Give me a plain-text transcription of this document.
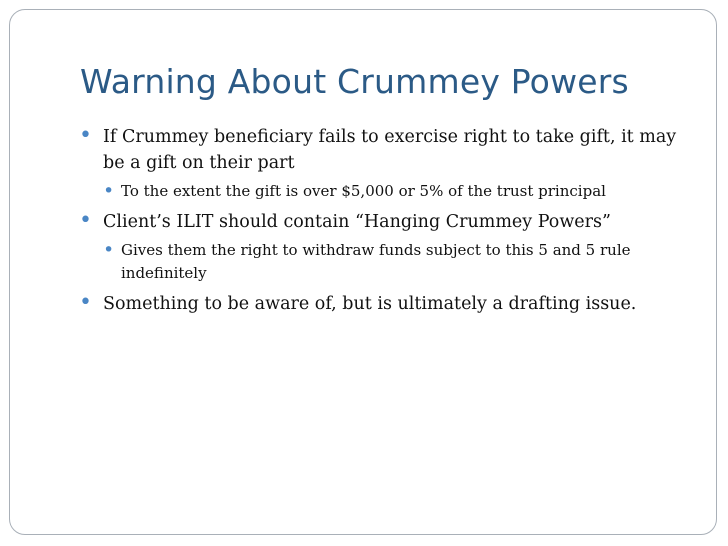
Warning About Crummey Powers
• If Crummey beneficiary fails to exercise right to take gift, it may be a gift on their part
• To the extent the gift is over $5,000 or 5% of the trust principal
• Client’s ILIT should contain “Hanging Crummey Powers”
• Gives them the right to withdraw funds subject to this 5 and 5 rule indefinitely
• Something to be aware of, but is ultimately a drafting issue.
